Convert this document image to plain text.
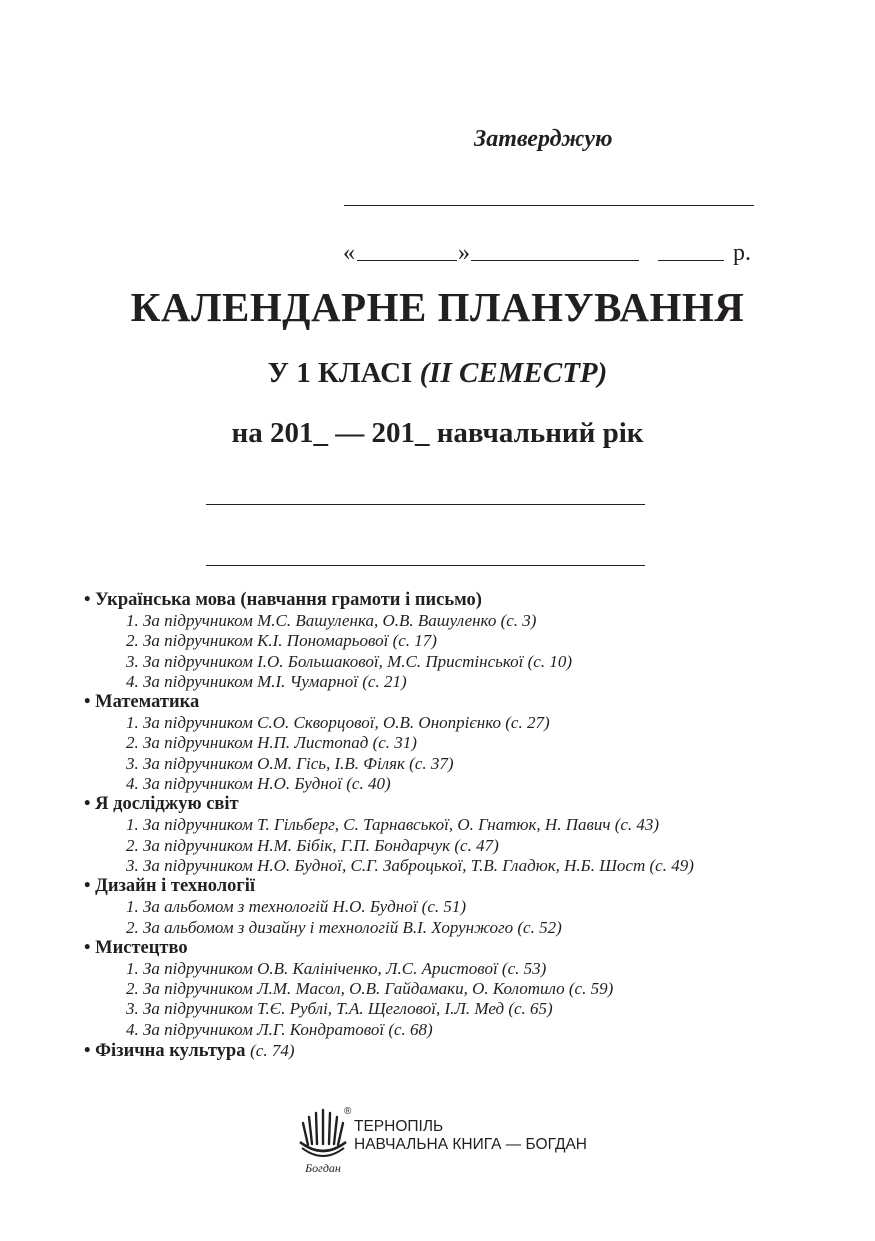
Затверджую
«	»	р.
КАЛЕНДАРНЕ ПЛАНУВАННЯ
У 1 КЛАСІ (ІІ СЕМЕСТР)
на 201_ — 201_ навчальний рік
• Українська мова (навчання грамоти і письмо)
1. За підручником М.С. Вашуленка, О.В. Вашуленко (с. 3)
2. За підручником К.І. Пономарьової (с. 17)
3. За підручником І.О. Большакової, М.С. Пристінської (с. 10)
4. За підручником М.І. Чумарної (с. 21)
• Математика
1. За підручником С.О. Скворцової, О.В. Онопрієнко (с. 27)
2. За підручником Н.П. Листопад (с. 31)
3. За підручником О.М. Гісь, І.В. Філяк (с. 37)
4. За підручником Н.О. Будної (с. 40)
• Я досліджую світ
1. За підручником Т. Гільберг, С. Тарнавської, О. Гнатюк, Н. Павич (с. 43)
2. За підручником Н.М. Бібік, Г.П. Бондарчук (с. 47)
3. За підручником Н.О. Будної, С.Г. Заброцької, Т.В. Гладюк, Н.Б. Шост (с. 49)
• Дизайн і технології
1. За альбомом з технологій Н.О. Будної (с. 51)
2. За альбомом з дизайну і технологій В.І. Хорунжого (с. 52)
• Мистецтво
1. За підручником О.В. Калініченко, Л.С. Аристової (с. 53)
2. За підручником Л.М. Масол, О.В. Гайдамаки, О. Колотило (с. 59)
3. За підручником Т.Є. Рублі, Т.А. Щеглової, І.Л. Мед (с. 65)
4. За підручником Л.Г. Кондратової (с. 68)
• Фізична культура (с. 74)
Богдан
®
ТЕРНОПІЛЬ
НАВЧАЛЬНА КНИГА — БОГДАН
